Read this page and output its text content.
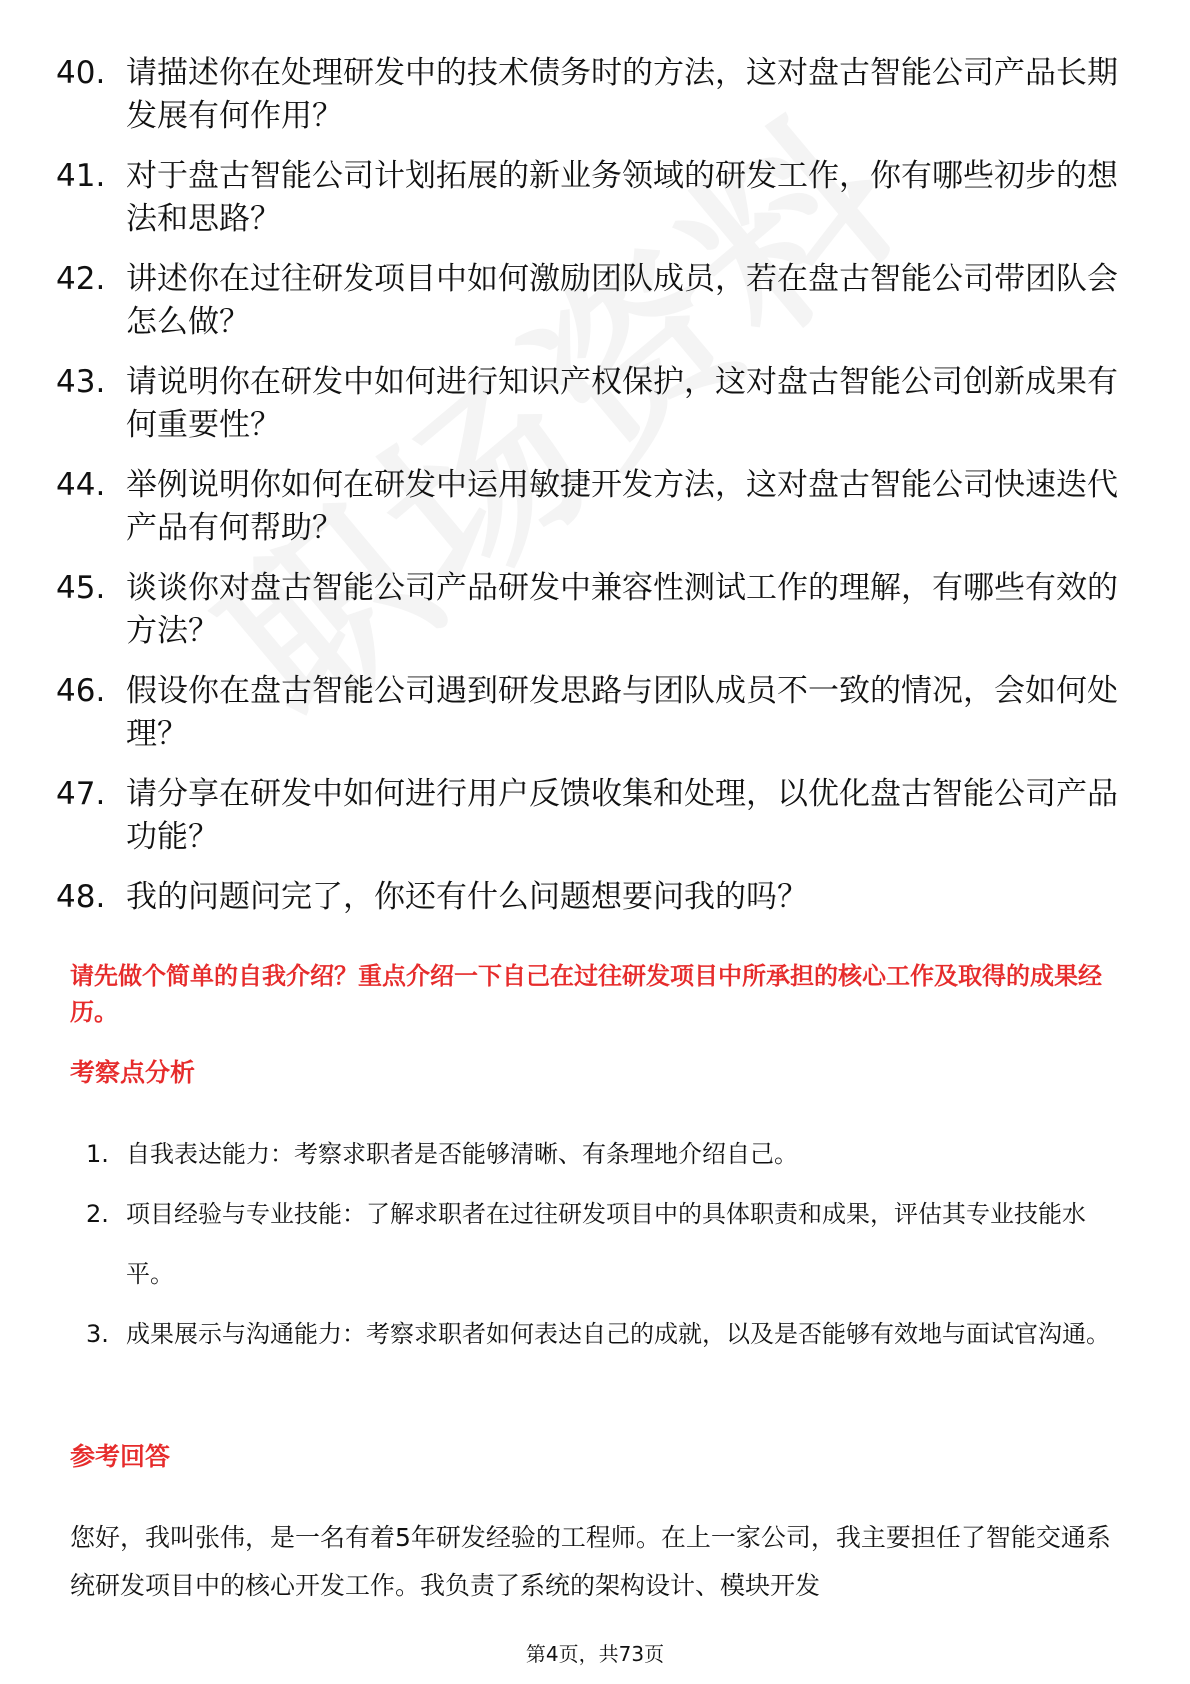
40. 请描述你在处理研发中的技术债务时的方法，这对盘古智能公司产品长期发展有何作用？
41. 对于盘古智能公司计划拓展的新业务领域的研发工作，你有哪些初步的想法和思路？
42. 讲述你在过往研发项目中如何激励团队成员，若在盘古智能公司带团队会怎么做？
43. 请说明你在研发中如何进行知识产权保护，这对盘古智能公司创新成果有何重要性？
44. 举例说明你如何在研发中运用敏捷开发方法，这对盘古智能公司快速迭代产品有何帮助？
45. 谈谈你对盘古智能公司产品研发中兼容性测试工作的理解，有哪些有效的方法？
46. 假设你在盘古智能公司遇到研发思路与团队成员不一致的情况，会如何处理？
47. 请分享在研发中如何进行用户反馈收集和处理，以优化盘古智能公司产品功能？
48. 我的问题问完了，你还有什么问题想要问我的吗？
请先做个简单的自我介绍？重点介绍一下自己在过往研发项目中所承担的核心工作及取得的成果经历。
考察点分析
1. 自我表达能力：考察求职者是否能够清晰、有条理地介绍自己。
2. 项目经验与专业技能：了解求职者在过往研发项目中的具体职责和成果，评估其专业技能水平。
3. 成果展示与沟通能力：考察求职者如何表达自己的成就，以及是否能够有效地与面试官沟通。
参考回答
您好，我叫张伟，是一名有着5年研发经验的工程师。在上一家公司，我主要担任了智能交通系统研发项目中的核心开发工作。我负责了系统的架构设计、模块开发
第4页，共73页
